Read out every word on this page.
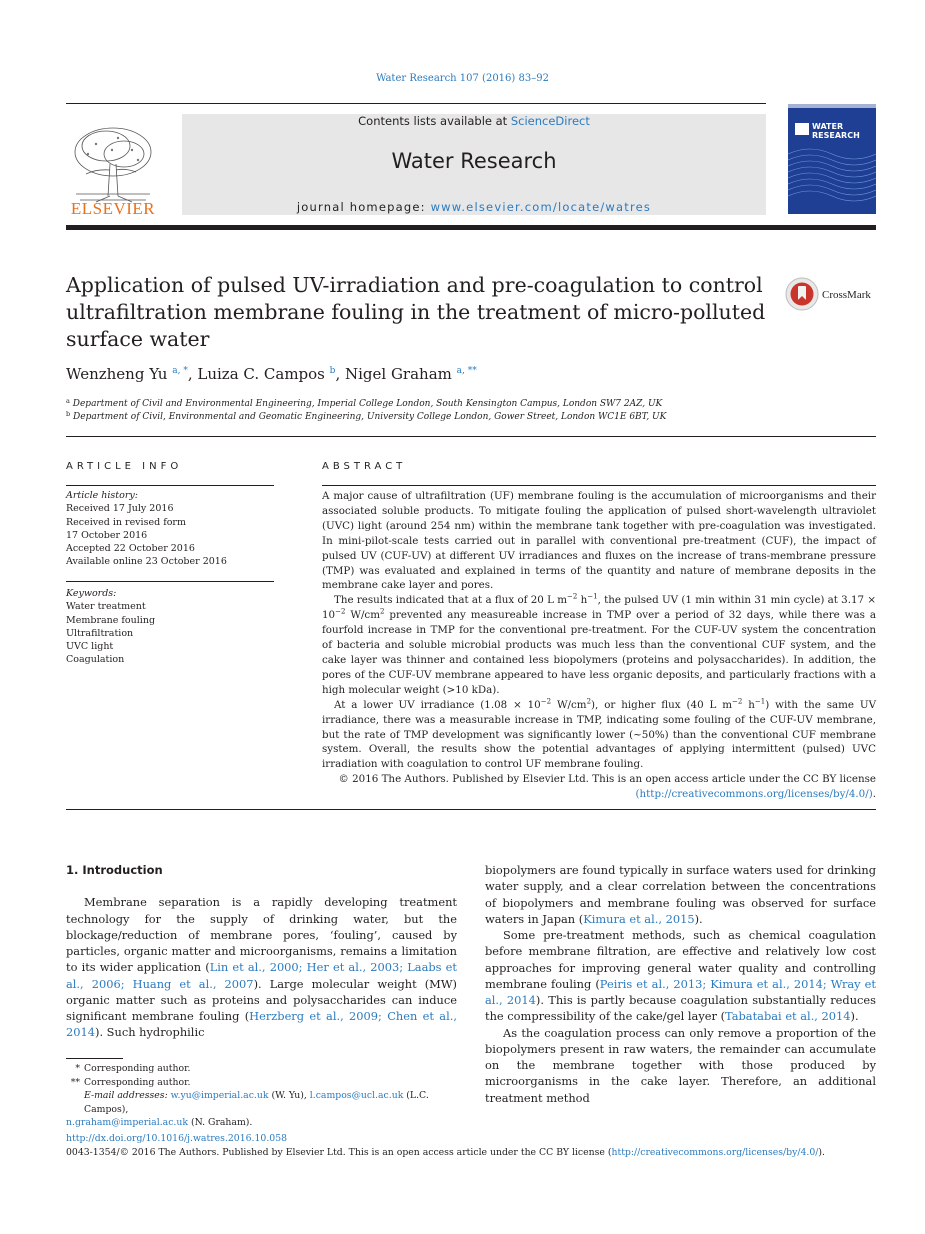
Water Research 107 (2016) 83–92
ELSEVIER
Contents lists available at ScienceDirect
Water Research
journal homepage: www.elsevier.com/locate/watres
WATER
RESEARCH
Application of pulsed UV-irradiation and pre-coagulation to control ultrafiltration membrane fouling in the treatment of micro-polluted surface water
CrossMark
Wenzheng Yu $^{a, *}$, Luiza C. Campos $^b$, Nigel Graham $^{a, **}$
$^a$ Department of Civil and Environmental Engineering, Imperial College London, South Kensington Campus, London SW7 2AZ, UK
$^b$ Department of Civil, Environmental and Geomatic Engineering, University College London, Gower Street, London WC1E 6BT, UK
ARTICLE INFO
Article history:
Received 17 July 2016
Received in revised form
17 October 2016
Accepted 22 October 2016
Available online 23 October 2016
Keywords:
Water treatment
Membrane fouling
Ultrafiltration
UVC light
Coagulation
ABSTRACT

A major cause of ultrafiltration (UF) membrane fouling is the accumulation of microorganisms and their associated soluble products. To mitigate fouling the application of pulsed short-wavelength ultraviolet (UVC) light (around 254 nm) within the membrane tank together with pre-coagulation was investigated. In mini-pilot-scale tests carried out in parallel with conventional pre-treatment (CUF), the impact of pulsed UV (CUF-UV) at different UV irradiances and fluxes on the increase of trans-membrane pressure (TMP) was evaluated and explained in terms of the quantity and nature of membrane deposits in the membrane cake layer and pores.

The results indicated that at a flux of 20 L $m^{-2}$ $h^{-1}$, the pulsed UV (1 min within 31 min cycle) at $3.17 \times 10^{-2}$ $W/cm^2$ prevented any measureable increase in TMP over a period of 32 days, while there was a fourfold increase in TMP for the conventional pre-treatment. For the CUF-UV system the concentration of bacteria and soluble microbial products was much less than the conventional CUF system, and the cake layer was thinner and contained less biopolymers (proteins and polysaccharides). In addition, the pores of the CUF-UV membrane appeared to have less organic deposits, and particularly fractions with a high molecular weight (>10 kDa).

At a lower UV irradiance ($1.08 \times 10^{-2}$ $W/cm^2$), or higher flux (40 L $m^{-2}$ $h^{-1}$) with the same UV irradiance, there was a measurable increase in TMP, indicating some fouling of the CUF-UV membrane, but the rate of TMP development was significantly lower (~50%) than the conventional CUF membrane system. Overall, the results show the potential advantages of applying intermittent (pulsed) UVC irradiation with coagulation to control UF membrane fouling.

© 2016 The Authors. Published by Elsevier Ltd. This is an open access article under the CC BY license (http://creativecommons.org/licenses/by/4.0/).

1. Introduction

Membrane separation is a rapidly developing treatment technology for the supply of drinking water, but the blockage/reduction of membrane pores, ‘fouling’, caused by particles, organic matter and microorganisms, remains a limitation to its wider application (Lin et al., 2000; Her et al., 2003; Laabs et al., 2006; Huang et al., 2007). Large molecular weight (MW) organic matter such as proteins and polysaccharides can induce significant membrane fouling (Herzberg et al., 2009; Chen et al., 2014). Such hydrophilic

biopolymers are found typically in surface waters used for drinking water supply, and a clear correlation between the concentrations of biopolymers and membrane fouling was observed for surface waters in Japan (Kimura et al., 2015).

Some pre-treatment methods, such as chemical coagulation before membrane filtration, are effective and relatively low cost approaches for improving general water quality and controlling membrane fouling (Peiris et al., 2013; Kimura et al., 2014; Wray et al., 2014). This is partly because coagulation substantially reduces the compressibility of the cake/gel layer (Tabatabai et al., 2014).

As the coagulation process can only remove a proportion of the biopolymers present in raw waters, the remainder can accumulate on the membrane together with those produced by microorganisms in the cake layer. Therefore, an additional treatment method

* Corresponding author.

** Corresponding author.

E-mail addresses: w.yu@imperial.ac.uk (W. Yu), l.campos@ucl.ac.uk (L.C. Campos),

n.graham@imperial.ac.uk (N. Graham).

http://dx.doi.org/10.1016/j.watres.2016.10.058

0043-1354/© 2016 The Authors. Published by Elsevier Ltd. This is an open access article under the CC BY license (http://creativecommons.org/licenses/by/4.0/).
